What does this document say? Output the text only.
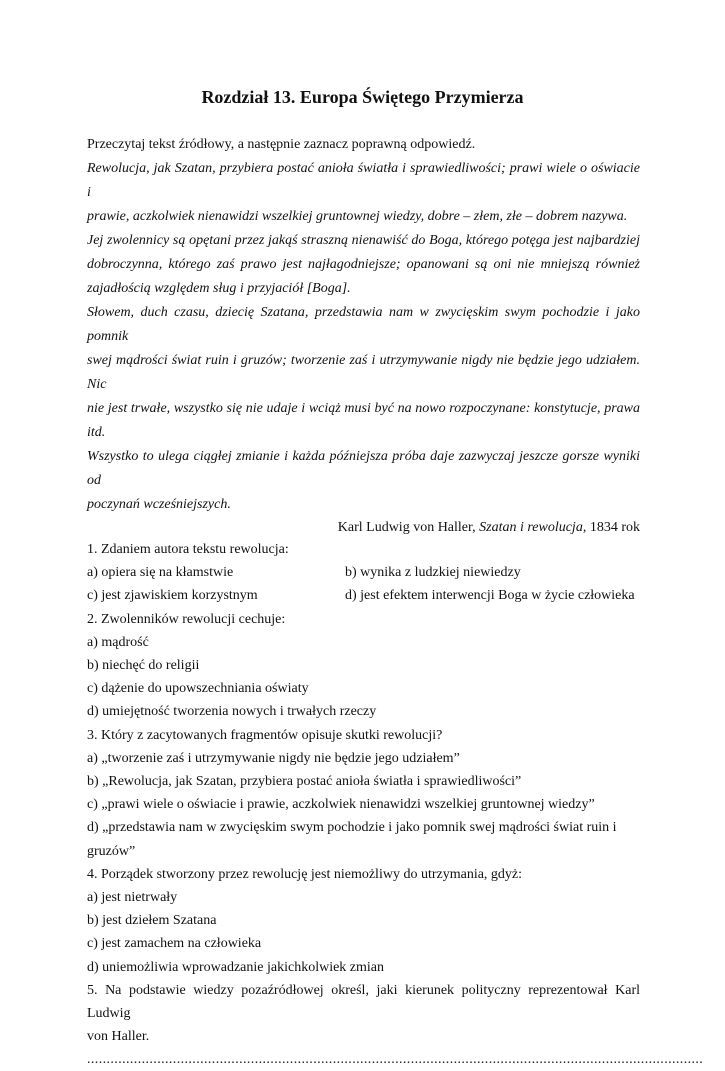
Rozdział 13. Europa Świętego Przymierza

Przeczytaj tekst źródłowy, a następnie zaznacz poprawną odpowiedź.

Rewolucja, jak Szatan, przybiera postać anioła światła i sprawiedliwości; prawi wiele o oświacie i

prawie, aczkolwiek nienawidzi wszelkiej gruntownej wiedzy, dobre – złem, złe – dobrem nazywa.

Jej zwolennicy są opętani przez jakąś straszną nienawiść do Boga, którego potęga jest najbardziej

dobroczynna, którego zaś prawo jest najłagodniejsze; opanowani są oni nie mniejszą również

zajadłością względem sług i przyjaciół [Boga].

Słowem, duch czasu, dziecię Szatana, przedstawia nam w zwycięskim swym pochodzie i jako pomnik

swej mądrości świat ruin i gruzów; tworzenie zaś i utrzymywanie nigdy nie będzie jego udziałem. Nic

nie jest trwałe, wszystko się nie udaje i wciąż musi być na nowo rozpoczynane: konstytucje, prawa itd.

Wszystko to ulega ciągłej zmianie i każda późniejsza próba daje zazwyczaj jeszcze gorsze wyniki od

poczynań wcześniejszych.

Karl Ludwig von Haller, Szatan i rewolucja, 1834 rok

1. Zdaniem autora tekstu rewolucja:

a) opiera się na kłamstwie	b) wynika z ludzkiej niewiedzy
c) jest zjawiskiem korzystnym	d) jest efektem interwencji Boga w życie człowieka

2. Zwolenników rewolucji cechuje:

a) mądrość

b) niechęć do religii

c) dążenie do upowszechniania oświaty

d) umiejętność tworzenia nowych i trwałych rzeczy

3. Który z zacytowanych fragmentów opisuje skutki rewolucji?

a) „tworzenie zaś i utrzymywanie nigdy nie będzie jego udziałem”

b) „Rewolucja, jak Szatan, przybiera postać anioła światła i sprawiedliwości”

c) „prawi wiele o oświacie i prawie, aczkolwiek nienawidzi wszelkiej gruntownej wiedzy”

d) „przedstawia nam w zwycięskim swym pochodzie i jako pomnik swej mądrości świat ruin i

gruzów”

4. Porządek stworzony przez rewolucję jest niemożliwy do utrzymania, gdyż:

a) jest nietrwały

b) jest dziełem Szatana

c) jest zamachem na człowieka

d) uniemożliwia wprowadzanie jakichkolwiek zmian

5. Na podstawie wiedzy pozaźródłowej określ, jaki kierunek polityczny reprezentował Karl Ludwig

von Haller.

..............................................................................................................................................................
